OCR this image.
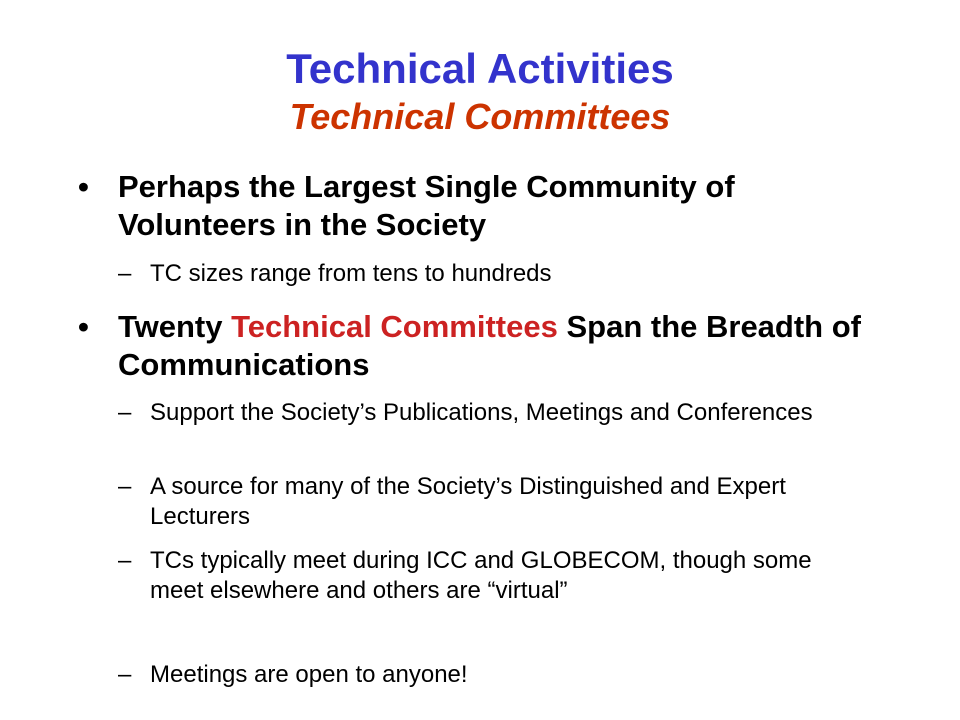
Technical Activities
Technical Committees
• Perhaps the Largest Single Community of Volunteers in the Society
– TC sizes range from tens to hundreds
• Twenty Technical Committees Span the Breadth of Communications
– Support the Society’s Publications, Meetings and Conferences
– A source for many of the Society’s Distinguished and Expert Lecturers
– TCs typically meet during ICC and GLOBECOM, though some meet elsewhere and others are “virtual”
– Meetings are open to anyone!
